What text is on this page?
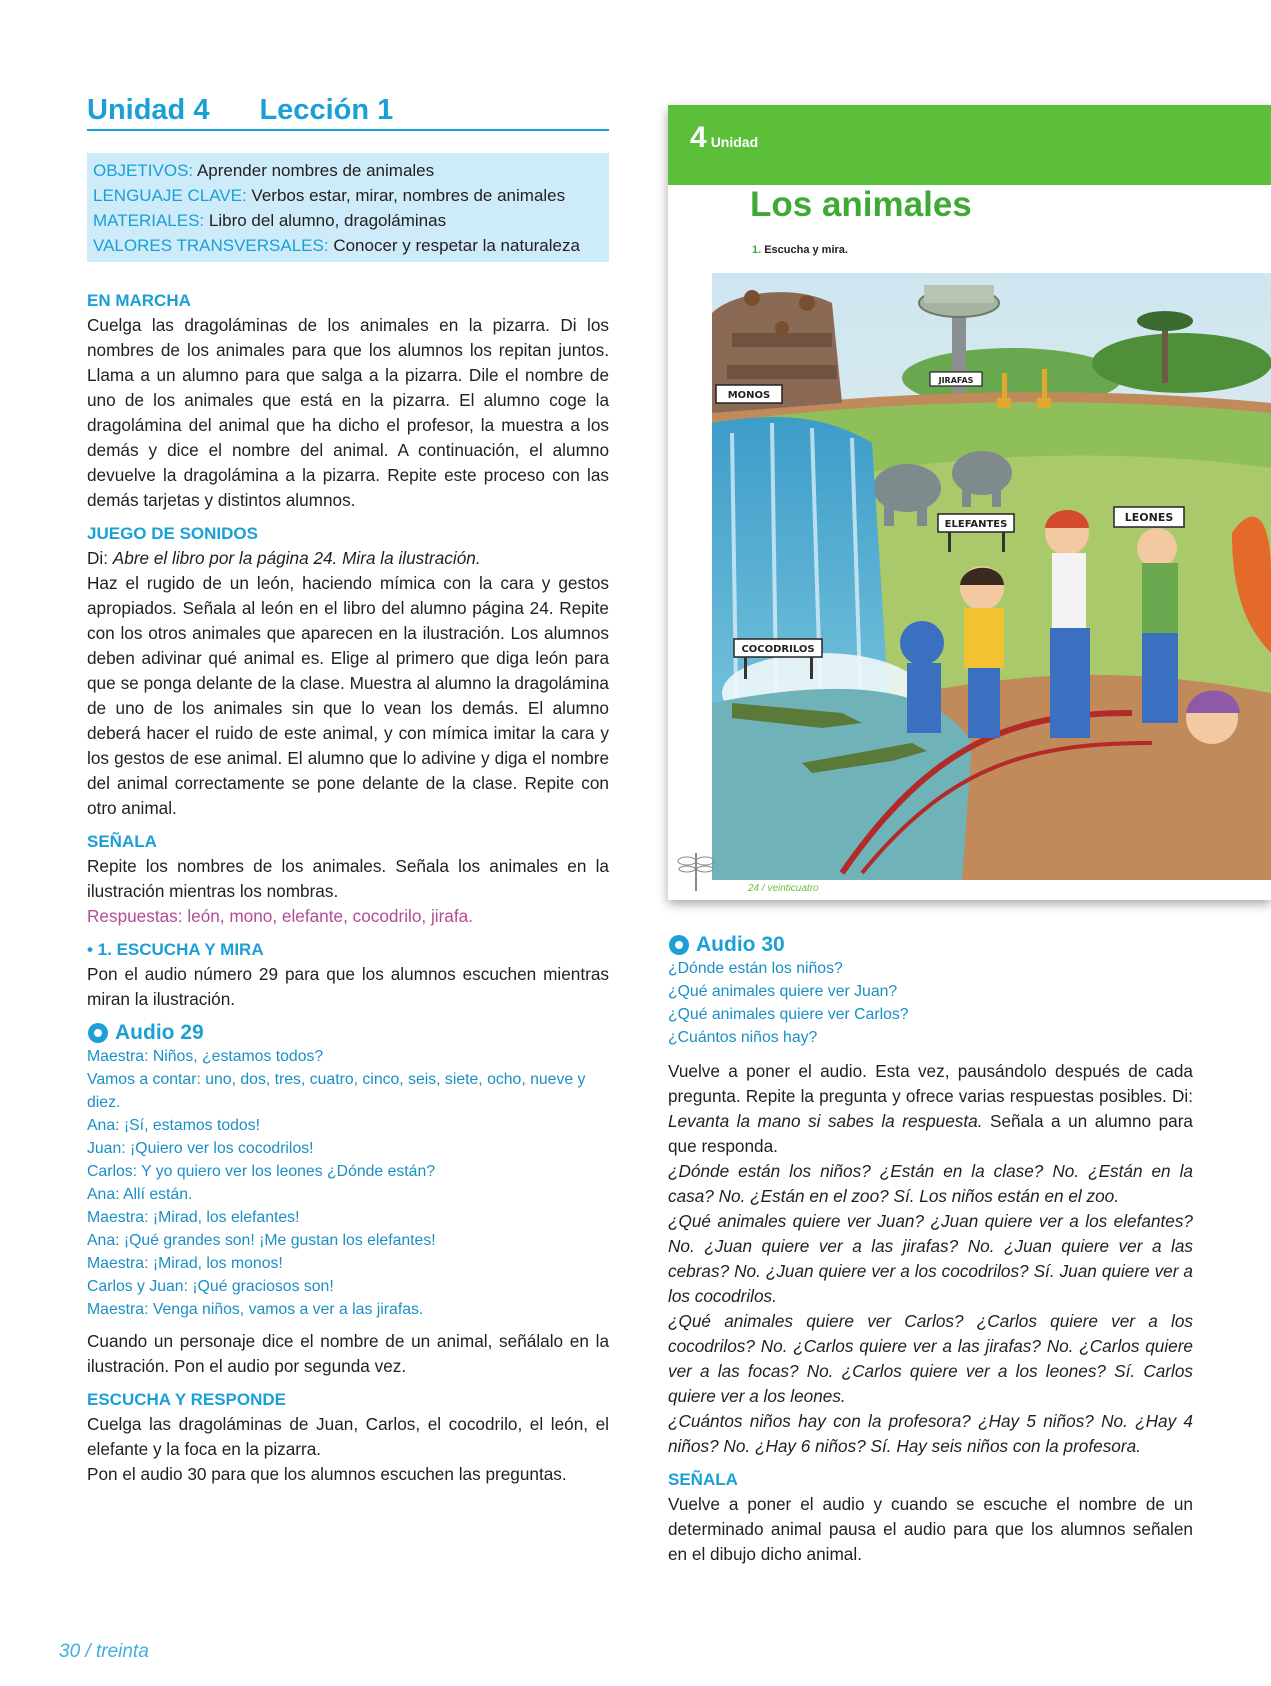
Unidad 4 Lección 1
OBJETIVOS: Aprender nombres de animales
LENGUAJE CLAVE: Verbos estar, mirar, nombres de animales
MATERIALES: Libro del alumno, dragoláminas
VALORES TRANSVERSALES: Conocer y respetar la naturaleza
EN MARCHA

Cuelga las dragoláminas de los animales en la pizarra. Di los nombres de los animales para que los alumnos los repitan juntos. Llama a un alumno para que salga a la pizarra. Dile el nombre de uno de los animales que está en la pizarra. El alumno coge la dragolámina del animal que ha dicho el profesor, la muestra a los demás y dice el nombre del animal. A continuación, el alumno devuelve la dragolámina a la pizarra. Repite este proceso con las demás tarjetas y distintos alumnos.

JUEGO DE SONIDOS

Di: Abre el libro por la página 24. Mira la ilustración.

Haz el rugido de un león, haciendo mímica con la cara y gestos apropiados. Señala al león en el libro del alumno página 24. Repite con los otros animales que aparecen en la ilustración. Los alumnos deben adivinar qué animal es. Elige al primero que diga león para que se ponga delante de la clase. Muestra al alumno la dragolámina de uno de los animales sin que lo vean los demás. El alumno deberá hacer el ruido de este animal, y con mímica imitar la cara y los gestos de ese animal. El alumno que lo adivine y diga el nombre del animal correctamente se pone delante de la clase. Repite con otro animal.

SEÑALA

Repite los nombres de los animales. Señala los animales en la ilustración mientras los nombras.

Respuestas: león, mono, elefante, cocodrilo, jirafa.

• 1. ESCUCHA Y MIRA

Pon el audio número 29 para que los alumnos escuchen mientras miran la ilustración.

Audio 29
Maestra: Niños, ¿estamos todos?
Vamos a contar: uno, dos, tres, cuatro, cinco, seis, siete, ocho, nueve y diez.
Ana: ¡Sí, estamos todos!
Juan: ¡Quiero ver los cocodrilos!
Carlos: Y yo quiero ver los leones ¿Dónde están?
Ana: Allí están.
Maestra: ¡Mirad, los elefantes!
Ana: ¡Qué grandes son! ¡Me gustan los elefantes!
Maestra: ¡Mirad, los monos!
Carlos y Juan: ¡Qué graciosos son!
Maestra: Venga niños, vamos a ver a las jirafas.

Cuando un personaje dice el nombre de un animal, señálalo en la ilustración. Pon el audio por segunda vez.

ESCUCHA Y RESPONDE

Cuelga las dragoláminas de Juan, Carlos, el cocodrilo, el león, el elefante y la foca en la pizarra.

Pon el audio 30 para que los alumnos escuchen las preguntas.

4 Unidad
Los animales
1. Escucha y mira.
MONOS
JIRAFAS
ELEFANTES
LEONES
COCODRILOS
24 / veinticuatro
Audio 30
¿Dónde están los niños?
¿Qué animales quiere ver Juan?
¿Qué animales quiere ver Carlos?
¿Cuántos niños hay?

Vuelve a poner el audio. Esta vez, pausándolo después de cada pregunta. Repite la pregunta y ofrece varias respuestas posibles. Di: Levanta la mano si sabes la respuesta. Señala a un alumno para que responda.

¿Dónde están los niños? ¿Están en la clase? No. ¿Están en la casa? No. ¿Están en el zoo? Sí. Los niños están en el zoo.

¿Qué animales quiere ver Juan? ¿Juan quiere ver a los elefantes? No. ¿Juan quiere ver a las jirafas? No. ¿Juan quiere ver a las cebras? No. ¿Juan quiere ver a los cocodrilos? Sí. Juan quiere ver a los cocodrilos.

¿Qué animales quiere ver Carlos? ¿Carlos quiere ver a los cocodrilos? No. ¿Carlos quiere ver a las jirafas? No. ¿Carlos quiere ver a las focas? No. ¿Carlos quiere ver a los leones? Sí. Carlos quiere ver a los leones.

¿Cuántos niños hay con la profesora? ¿Hay 5 niños? No. ¿Hay 4 niños? No. ¿Hay 6 niños? Sí. Hay seis niños con la profesora.

SEÑALA

Vuelve a poner el audio y cuando se escuche el nombre de un determinado animal pausa el audio para que los alumnos señalen en el dibujo dicho animal.

30 / treinta
